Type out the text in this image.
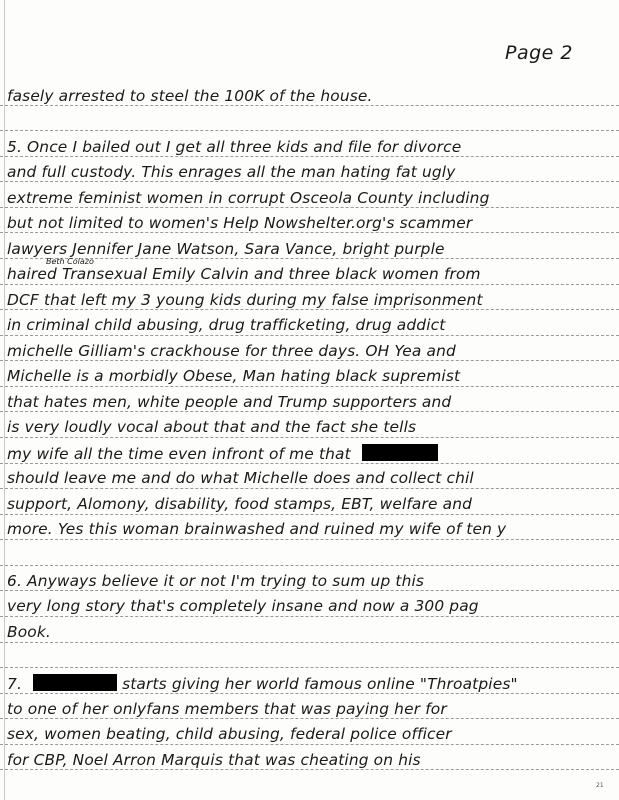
Page 2
fasely arrested to steel the 100K of the house.
5. Once I bailed out I get all three kids and file for divorce
and full custody. This enrages all the man hating fat ugly
extreme feminist women in corrupt Osceola County including
but not limited to women's Help Nowshelter.org's scammer
lawyers Jennifer Jane Watson, Sara Vance, bright purple
Beth Colazo
haired Transexual Emily Calvin and three black women from
DCF that left my 3 young kids during my false imprisonment
in criminal child abusing, drug trafficketing, drug addict
michelle Gilliam's crackhouse for three days. OH Yea and
Michelle is a morbidly Obese, Man hating black supremist
that hates men, white people and Trump supporters and
is very loudly vocal about that and the fact she tells
my wife all the time even infront of me that
should leave me and do what Michelle does and collect chil
support, Alomony, disability, food stamps, EBT, welfare and
more. Yes this woman brainwashed and ruined my wife of ten y
6. Anyways believe it or not I'm trying to sum up this
very long story that's completely insane and now a 300 pag
Book.
7.	starts giving her world famous online "Throatpies"
to one of her onlyfans members that was paying her for
sex, women beating, child abusing, federal police officer
for CBP, Noel Arron Marquis that was cheating on his
21
